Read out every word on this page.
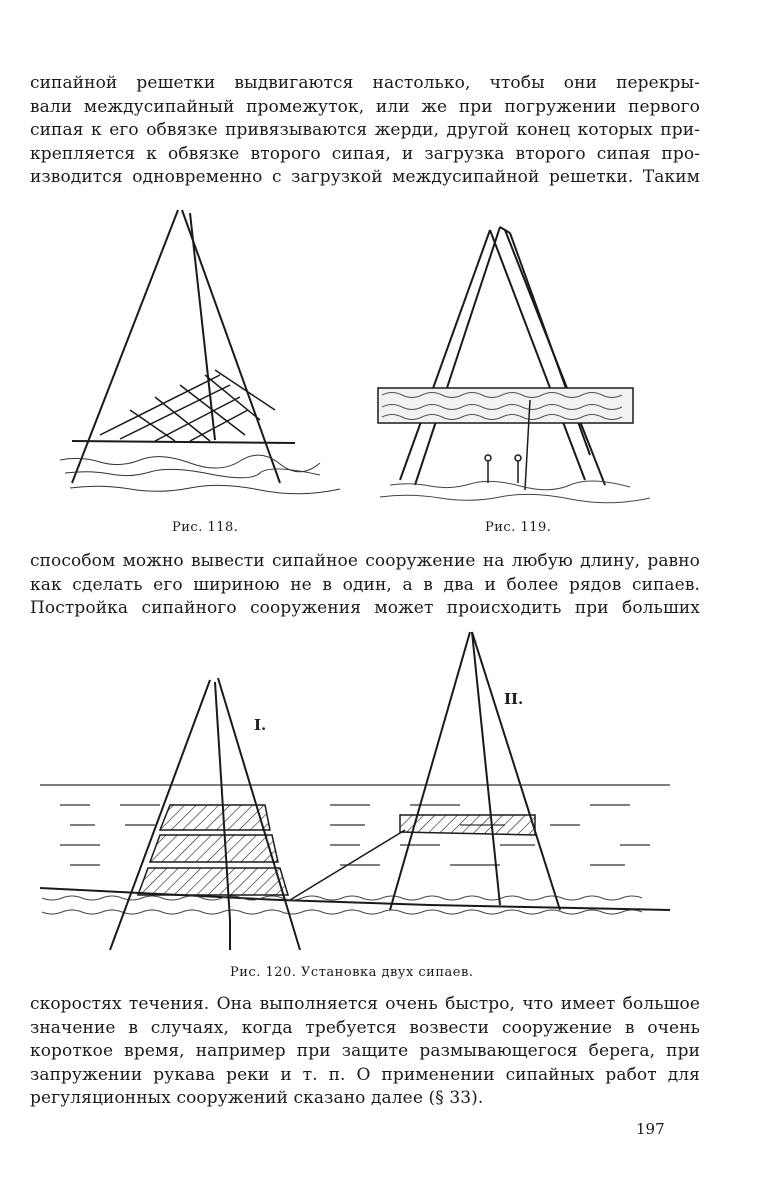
сипайной решетки выдвигаются настолько, чтобы они перекры-
вали междусипайный промежуток, или же при погружении первого
сипая к его обвязке привязываются жерди, другой конец которых при-
крепляется к обвязке второго сипая, и загрузка второго сипая про-
изводится одновременно с загрузкой междусипайной решетки. Таким
Рис. 118.	Рис. 119.
способом можно вывести сипайное сооружение на любую длину, равно
как сделать его шириною не в один, а в два и более рядов сипаев.
Постройка сипайного сооружения может происходить при больших
I.
II.
Рис. 120. Установка двух сипаев.
скоростях течения. Она выполняется очень быстро, что имеет большое
значение в случаях, когда требуется возвести сооружение в очень
короткое время, например при защите размывающегося берега, при
запружении рукава реки и т. п. О применении сипайных работ для
регуляционных сооружений сказано далее (§ 33).
197
